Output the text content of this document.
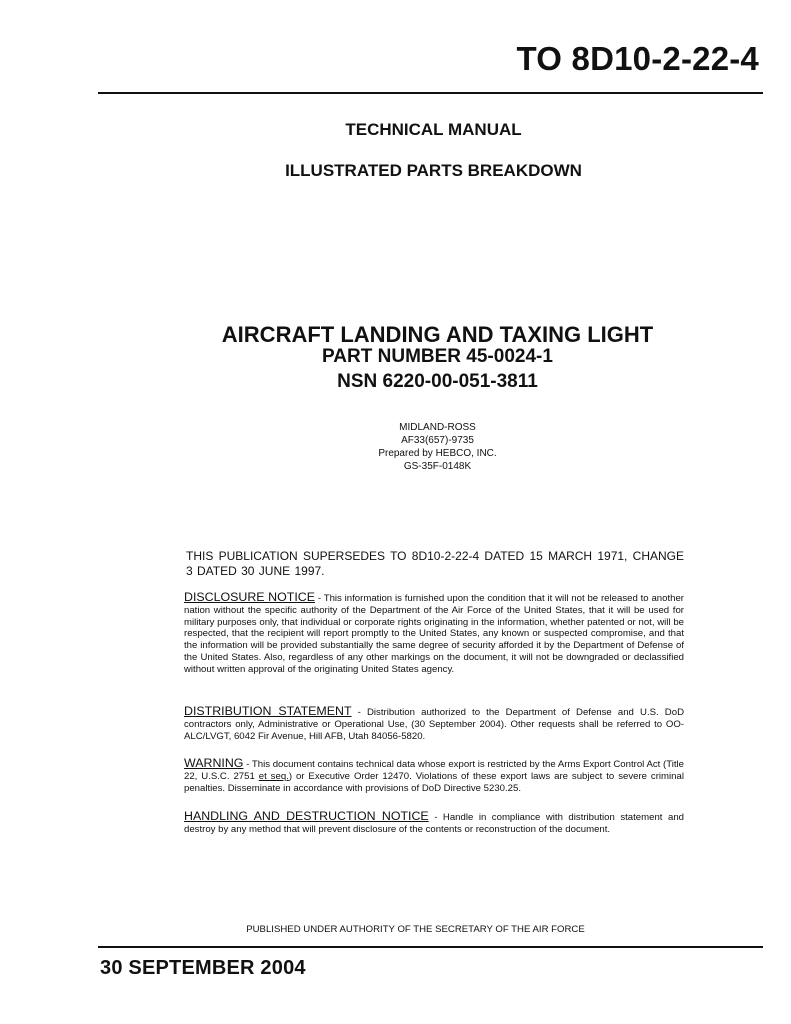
TO 8D10-2-22-4
TECHNICAL MANUAL
ILLUSTRATED PARTS BREAKDOWN
AIRCRAFT LANDING AND TAXING LIGHT
PART NUMBER 45-0024-1
NSN 6220-00-051-3811
MIDLAND-ROSS
AF33(657)-9735
Prepared by HEBCO, INC.
GS-35F-0148K
THIS PUBLICATION SUPERSEDES TO 8D10-2-22-4 DATED 15 MARCH 1971, CHANGE 3 DATED 30 JUNE 1997.
DISCLOSURE NOTICE - This information is furnished upon the condition that it will not be released to another nation without the specific authority of the Department of the Air Force of the United States, that it will be used for military purposes only, that individual or corporate rights originating in the information, whether patented or not, will be respected, that the recipient will report promptly to the United States, any known or suspected compromise, and that the information will be provided substantially the same degree of security afforded it by the Department of Defense of the United States. Also, regardless of any other markings on the document, it will not be downgraded or declassified without written approval of the originating United States agency.
DISTRIBUTION STATEMENT - Distribution authorized to the Department of Defense and U.S. DoD contractors only, Administrative or Operational Use, (30 September 2004). Other requests shall be referred to OO-ALC/LVGT, 6042 Fir Avenue, Hill AFB, Utah 84056-5820.
WARNING - This document contains technical data whose export is restricted by the Arms Export Control Act (Title 22, U.S.C. 2751 et seq.) or Executive Order 12470. Violations of these export laws are subject to severe criminal penalties. Disseminate in accordance with provisions of DoD Directive 5230.25.
HANDLING AND DESTRUCTION NOTICE - Handle in compliance with distribution statement and destroy by any method that will prevent disclosure of the contents or reconstruction of the document.
PUBLISHED UNDER AUTHORITY OF THE SECRETARY OF THE AIR FORCE
30 SEPTEMBER 2004
